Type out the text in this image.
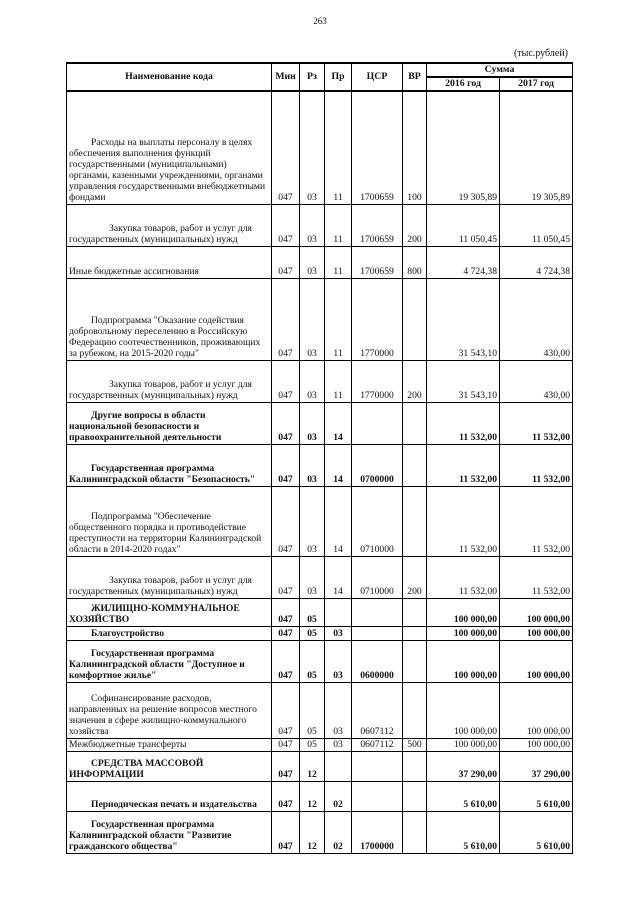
263
(тыс.рублей)
Наименование кода	Мин	Рз	Пр	ЦСР	ВР	Сумма	
						2016 год	2017 год
Расходы на выплаты персоналу в целях обеспечения выполнения функций государственными (муниципальными) органами, казенными учреждениями, органами управления государственными внебюджетными фондами	047	03	11	1700659	100	19 305,89	19 305,89
Закупка товаров, работ и услуг для государственных (муниципальных) нужд	047	03	11	1700659	200	11 050,45	11 050,45
Иные бюджетные ассигнования	047	03	11	1700659	800	4 724,38	4 724,38
Подпрограмма "Оказание содействия добровольному переселению в Российскую Федерацию соотечественников, проживающих за рубежом, на 2015-2020 годы"	047	03	11	1770000		31 543,10	430,00
Закупка товаров, работ и услуг для государственных (муниципальных) нужд	047	03	11	1770000	200	31 543,10	430,00
Другие вопросы в области национальной безопасности и правоохранительной деятельности	047	03	14			11 532,00	11 532,00
Государственная программа Калининградской области "Безопасность"	047	03	14	0700000		11 532,00	11 532,00
Подпрограмма "Обеспечение общественного порядка и противодействие преступности на территории Калининградской области в 2014-2020 годах"	047	03	14	0710000		11 532,00	11 532,00
Закупка товаров, работ и услуг для государственных (муниципальных) нужд	047	03	14	0710000	200	11 532,00	11 532,00
ЖИЛИЩНО-КОММУНАЛЬНОЕ ХОЗЯЙСТВО	047	05				100 000,00	100 000,00
Благоустройство	047	05	03			100 000,00	100 000,00
Государственная программа Калининградской области "Доступное и комфортное жилье"	047	05	03	0600000		100 000,00	100 000,00
Софинансирование расходов, направленных на решение вопросов местного значения в сфере жилищно-коммунального хозяйства	047	05	03	0607112		100 000,00	100 000,00
Межбюджетные трансферты	047	05	03	0607112	500	100 000,00	100 000,00
СРЕДСТВА МАССОВОЙ ИНФОРМАЦИИ	047	12				37 290,00	37 290,00
Периодическая печать и издательства	047	12	02			5 610,00	5 610,00
Государственная программа Калининградской области "Развитие гражданского общества"	047	12	02	1700000		5 610,00	5 610,00
